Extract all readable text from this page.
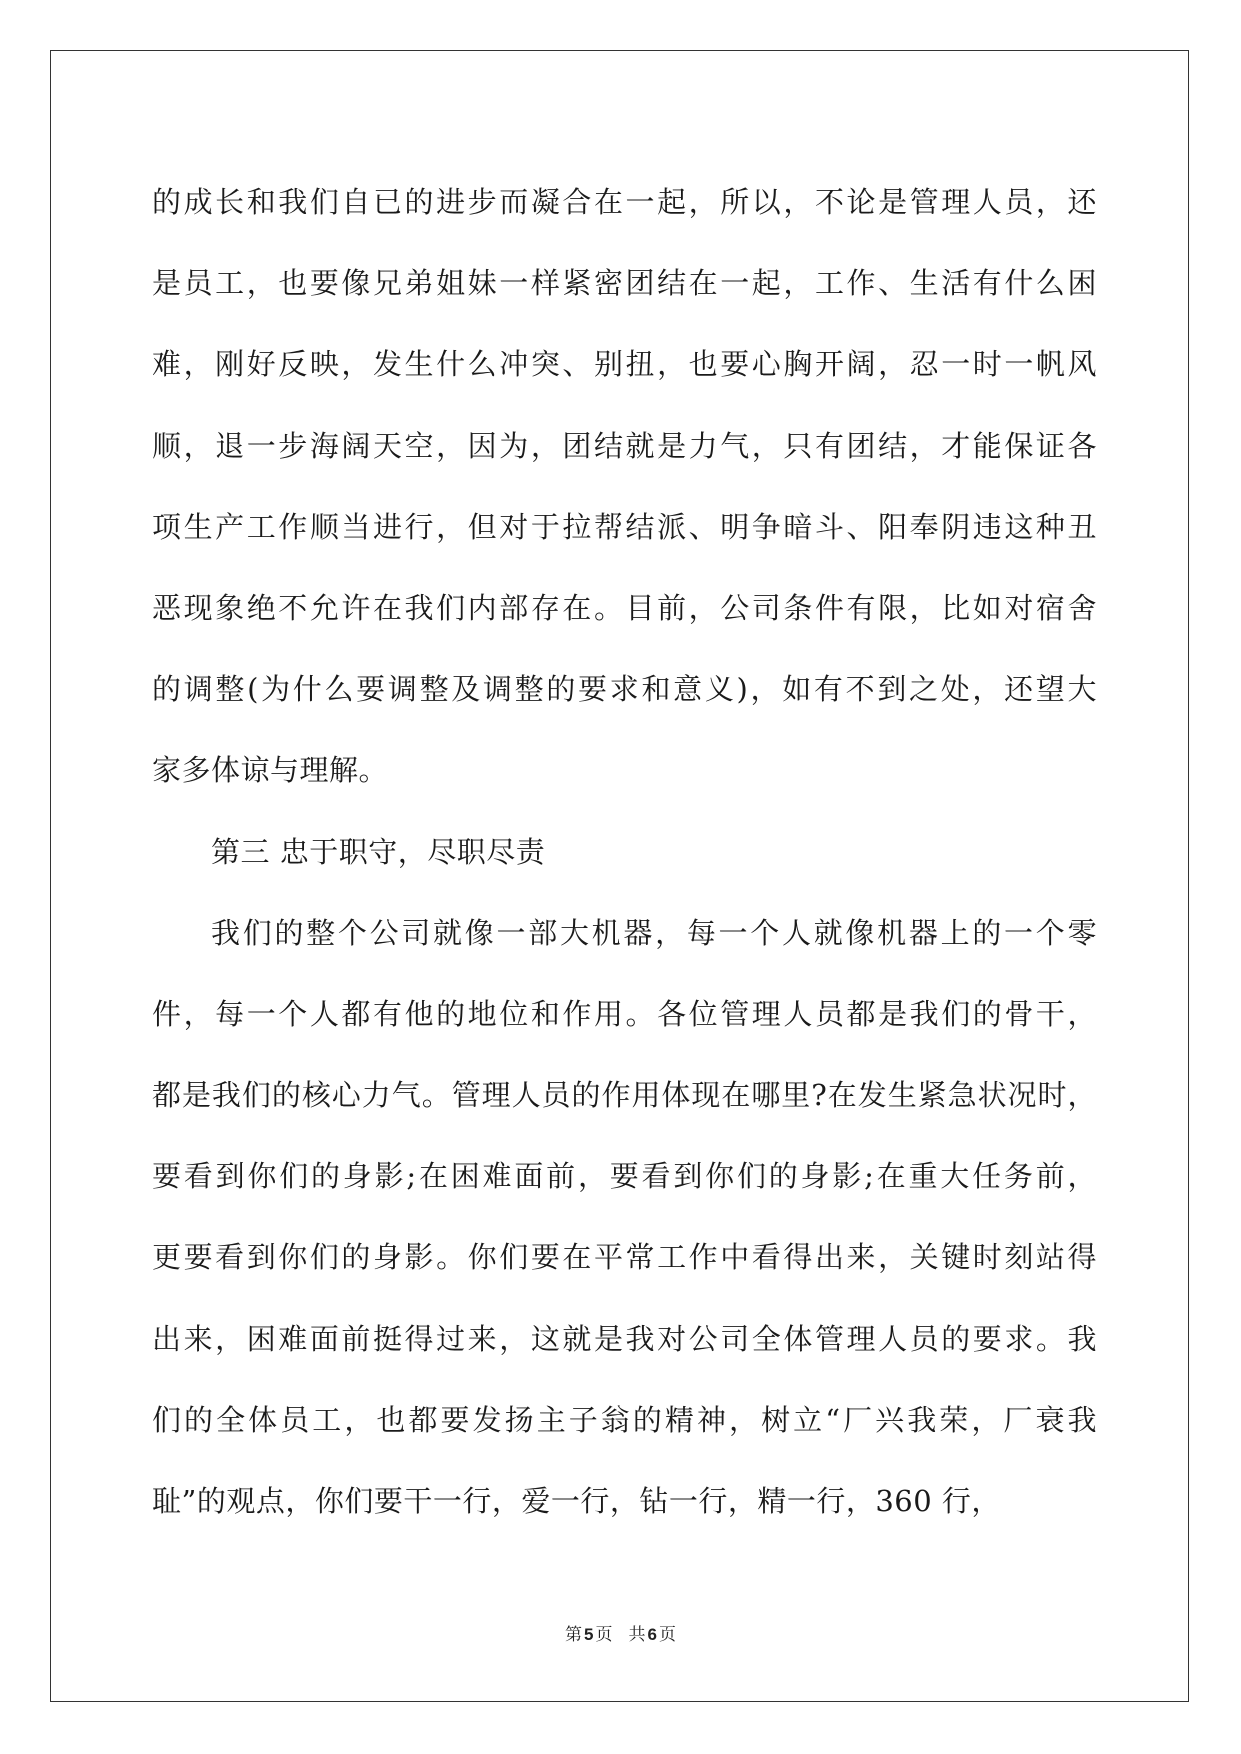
的成长和我们自已的进步而凝合在一起，所以，不论是管理人员，还
是员工，也要像兄弟姐妹一样紧密团结在一起，工作、生活有什么困
难，刚好反映，发生什么冲突、别扭，也要心胸开阔，忍一时一帆风
顺，退一步海阔天空，因为，团结就是力气，只有团结，才能保证各
项生产工作顺当进行，但对于拉帮结派、明争暗斗、阳奉阴违这种丑
恶现象绝不允许在我们内部存在。目前，公司条件有限，比如对宿舍
的调整(为什么要调整及调整的要求和意义)，如有不到之处，还望大
家多体谅与理解。
第三 忠于职守，尽职尽责
我们的整个公司就像一部大机器，每一个人就像机器上的一个零
件，每一个人都有他的地位和作用。各位管理人员都是我们的骨干，
都是我们的核心力气。管理人员的作用体现在哪里?在发生紧急状况时，
要看到你们的身影;在困难面前，要看到你们的身影;在重大任务前，
更要看到你们的身影。你们要在平常工作中看得出来，关键时刻站得
出来，困难面前挺得过来，这就是我对公司全体管理人员的要求。我
们的全体员工，也都要发扬主子翁的精神，树立“厂兴我荣，厂衰我
耻”的观点，你们要干一行，爱一行，钻一行，精一行，360 行，
第 5 页 共 6 页
